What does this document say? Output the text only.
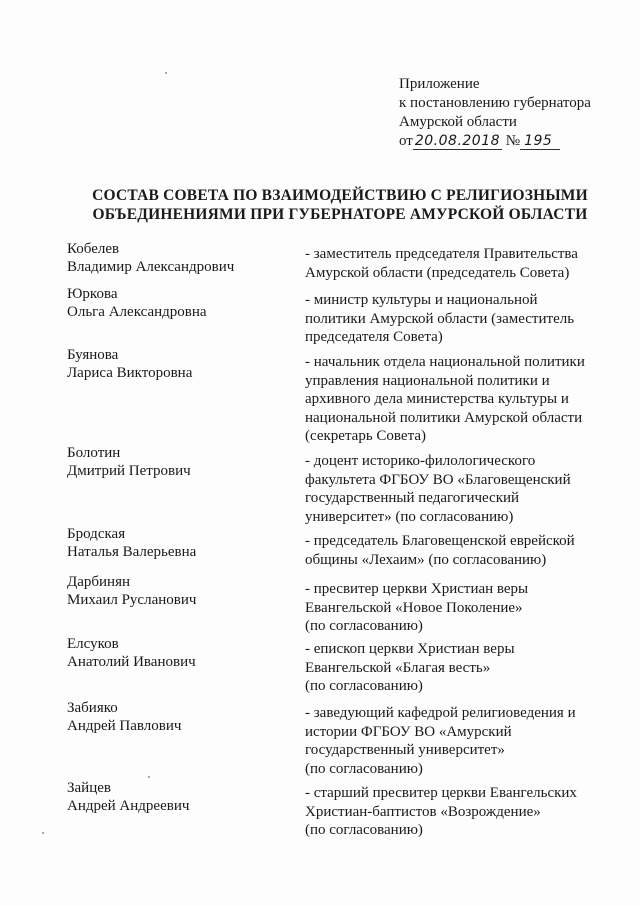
Приложение
к постановлению губернатора
Амурской области
от 20.08.2018 № 195
СОСТАВ СОВЕТА ПО ВЗАИМОДЕЙСТВИЮ С РЕЛИГИОЗНЫМИ
ОБЪЕДИНЕНИЯМИ ПРИ ГУБЕРНАТОРЕ АМУРСКОЙ ОБЛАСТИ
Кобелев
Владимир Александрович
- заместитель председателя Правительства
Амурской области (председатель Совета)
Юркова
Ольга Александровна
- министр культуры и национальной
политики Амурской области (заместитель
председателя Совета)
Буянова
Лариса Викторовна
- начальник отдела национальной политики
управления национальной политики и
архивного дела министерства культуры и
национальной политики Амурской области
(секретарь Совета)
Болотин
Дмитрий Петрович
- доцент историко-филологического
факультета ФГБОУ ВО «Благовещенский
государственный педагогический
университет» (по согласованию)
Бродская
Наталья Валерьевна
- председатель Благовещенской еврейской
общины «Лехаим» (по согласованию)
Дарбинян
Михаил Русланович
- пресвитер церкви Христиан веры
Евангельской «Новое Поколение»
(по согласованию)
Елсуков
Анатолий Иванович
- епископ церкви Христиан веры
Евангельской «Благая весть»
(по согласованию)
Забияко
Андрей Павлович
- заведующий кафедрой религиоведения и
истории ФГБОУ ВО «Амурский
государственный университет»
(по согласованию)
Зайцев
Андрей Андреевич
- старший пресвитер церкви Евангельских
Христиан-баптистов «Возрождение»
(по согласованию)
